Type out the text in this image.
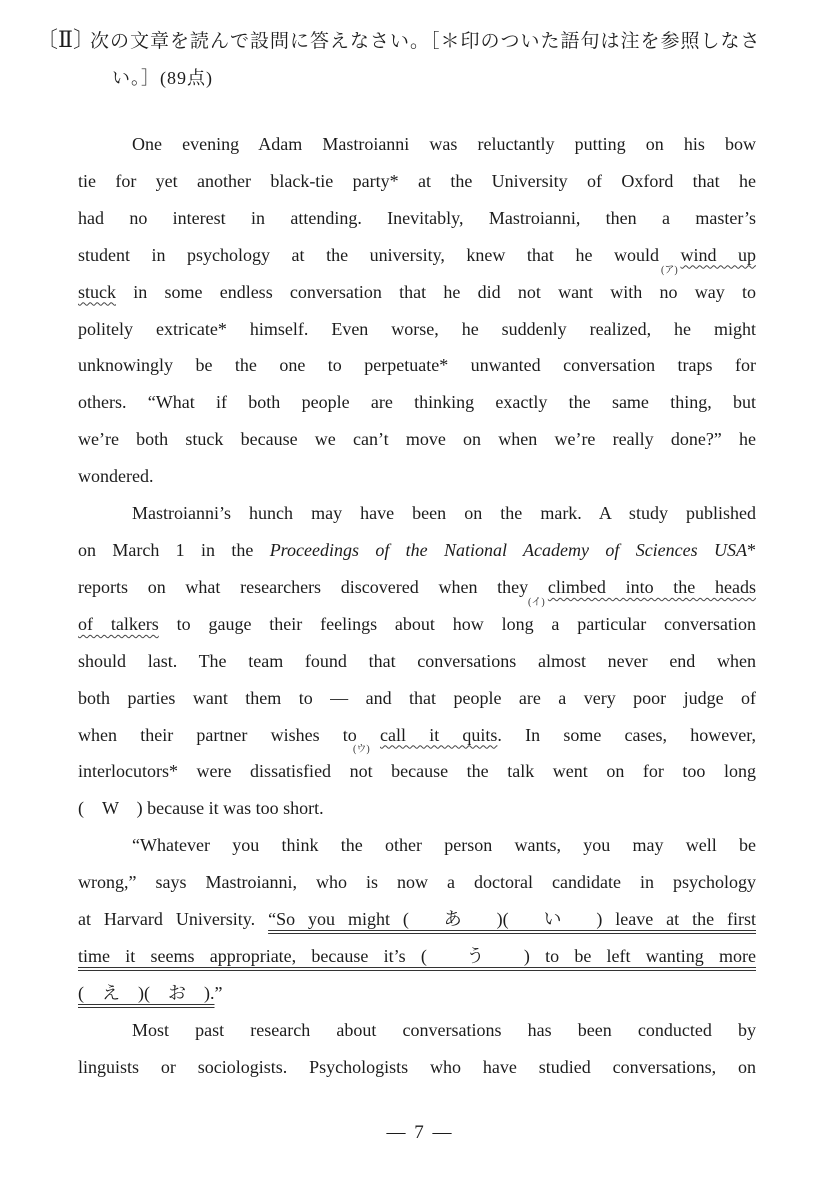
〔Ⅱ〕次の文章を読んで設問に答えなさい。［＊印のついた語句は注を参照しなさ
い。］(89点)

One evening Adam Mastroianni was reluctantly putting on his bow
tie for yet another black-tie party* at the University of Oxford that he
had no interest in attending. Inevitably, Mastroianni, then a master’s
student in psychology at the university, knew that he would wind up
stuck in some endless conversation that he did not want with no way to
(ア)
politely extricate* himself. Even worse, he suddenly realized, he might
unknowingly be the one to perpetuate* unwanted conversation traps for
others. “What if both people are thinking exactly the same thing, but
we’re both stuck because we can’t move on when we’re really done?” he
wondered.

Mastroianni’s hunch may have been on the mark. A study published
on March 1 in the Proceedings of the National Academy of Sciences USA*
reports on what researchers discovered when they climbed into the heads
of talkers to gauge their feelings about how long a particular conversation
(イ)
should last. The team found that conversations almost never end when
both parties want them to — and that people are a very poor judge of
when their partner wishes to call it quits. In some cases, however,
interlocutors* were dissatisfied not because the talk went on for too long
(ウ)
(　W　) because it was too short.

“Whatever you think the other person wants, you may well be
wrong,” says Mastroianni, who is now a doctoral candidate in psychology
at Harvard University. “So you might (　あ　)(　い　) leave at the first
time it seems appropriate, because it’s (　う　) to be left wanting more
(　え　)(　お　).”

Most past research about conversations has been conducted by
linguists or sociologists. Psychologists who have studied conversations, on

— 7 —
